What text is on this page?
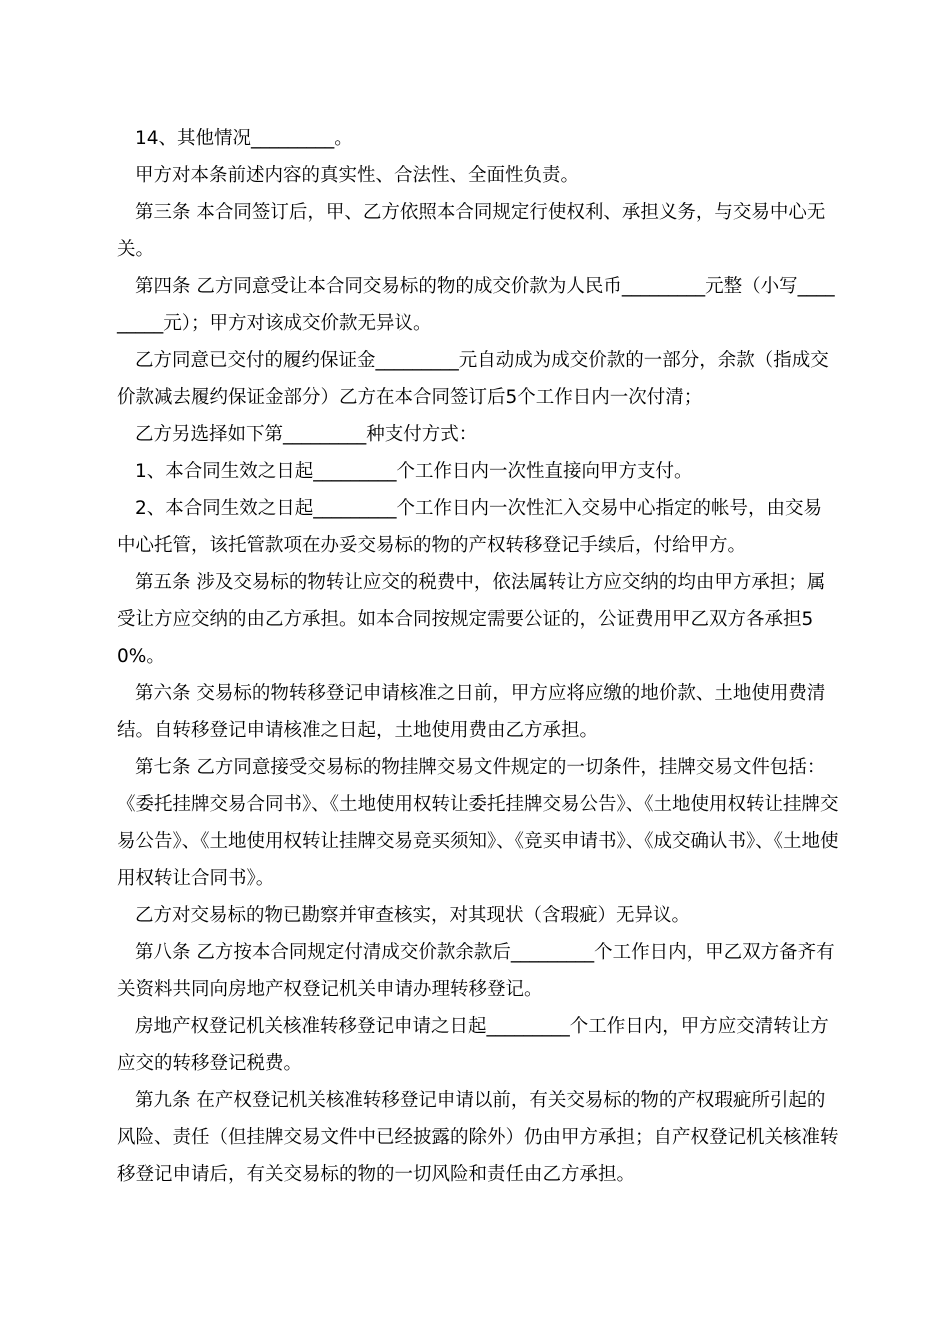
14、其他情况_________。

甲方对本条前述内容的真实性、合法性、全面性负责。

第三条 本合同签订后，甲、乙方依照本合同规定行使权利、承担义务，与交易中心无关。

第四条 乙方同意受让本合同交易标的物的成交价款为人民币_________元整（小写_________元）；甲方对该成交价款无异议。

乙方同意已交付的履约保证金_________元自动成为成交价款的一部分，余款（指成交价款减去履约保证金部分）乙方在本合同签订后5个工作日内一次付清；

乙方另选择如下第_________种支付方式：

1、本合同生效之日起_________个工作日内一次性直接向甲方支付。

2、本合同生效之日起_________个工作日内一次性汇入交易中心指定的帐号，由交易中心托管，该托管款项在办妥交易标的物的产权转移登记手续后，付给甲方。

第五条 涉及交易标的物转让应交的税费中，依法属转让方应交纳的均由甲方承担；属受让方应交纳的由乙方承担。如本合同按规定需要公证的，公证费用甲乙双方各承担50%。

第六条 交易标的物转移登记申请核准之日前，甲方应将应缴的地价款、土地使用费清结。自转移登记申请核准之日起，土地使用费由乙方承担。

第七条 乙方同意接受交易标的物挂牌交易文件规定的一切条件，挂牌交易文件包括：《委托挂牌交易合同书》、《土地使用权转让委托挂牌交易公告》、《土地使用权转让挂牌交易公告》、《土地使用权转让挂牌交易竞买须知》、《竞买申请书》、《成交确认书》、《土地使用权转让合同书》。

乙方对交易标的物已勘察并审查核实，对其现状（含瑕疵）无异议。

第八条 乙方按本合同规定付清成交价款余款后_________个工作日内，甲乙双方备齐有关资料共同向房地产权登记机关申请办理转移登记。

房地产权登记机关核准转移登记申请之日起_________个工作日内，甲方应交清转让方应交的转移登记税费。

第九条 在产权登记机关核准转移登记申请以前，有关交易标的物的产权瑕疵所引起的风险、责任（但挂牌交易文件中已经披露的除外）仍由甲方承担；自产权登记机关核准转移登记申请后，有关交易标的物的一切风险和责任由乙方承担。
